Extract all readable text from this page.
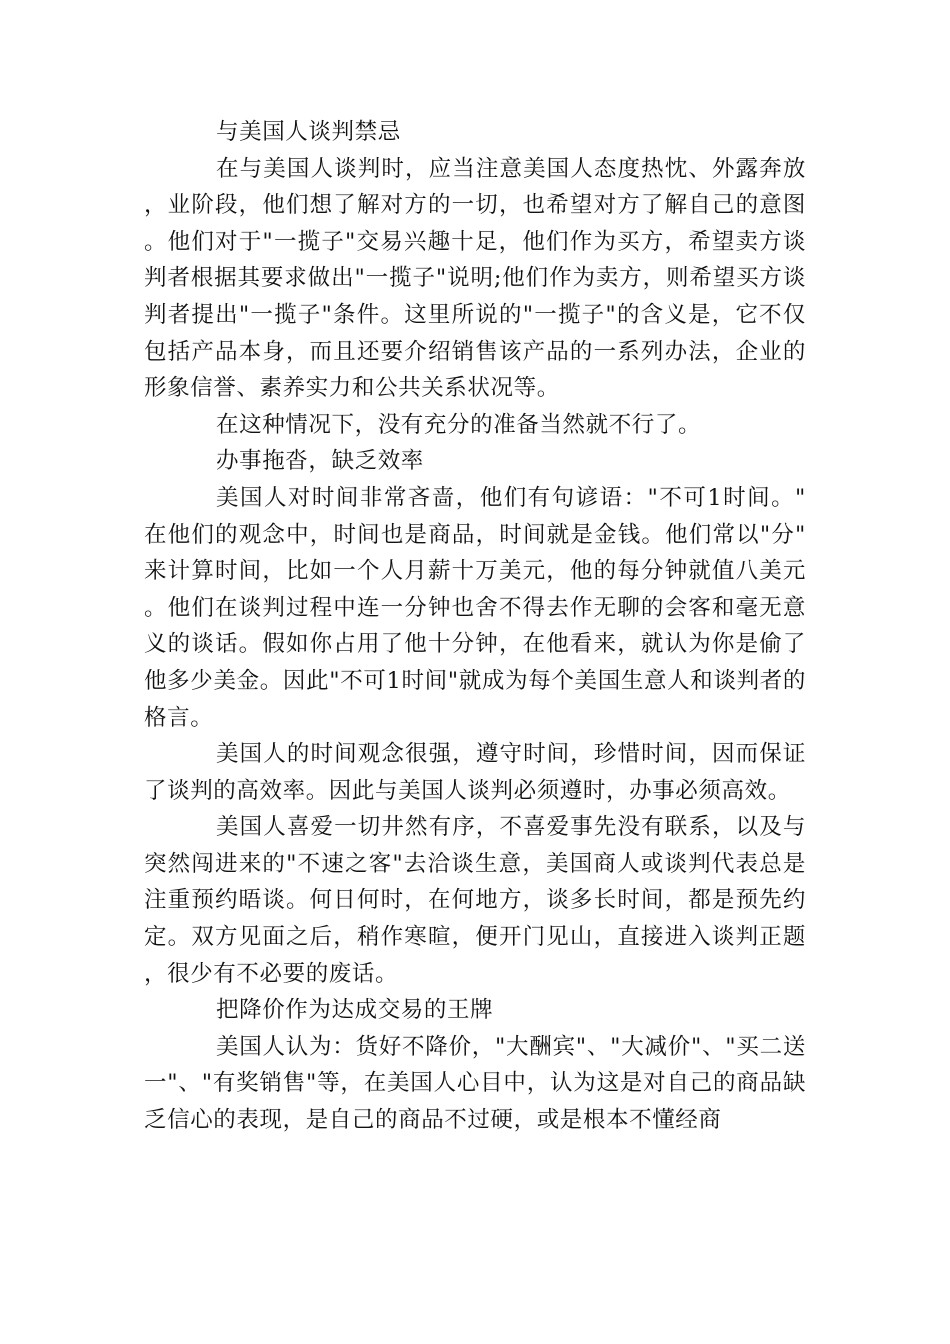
与美国人谈判禁忌

在与美国人谈判时，应当注意美国人态度热忱、外露奔放，业阶段，他们想了解对方的一切，也希望对方了解自己的意图。他们对于"一揽子"交易兴趣十足，他们作为买方，希望卖方谈判者根据其要求做出"一揽子"说明;他们作为卖方，则希望买方谈判者提出"一揽子"条件。这里所说的"一揽子"的含义是，它不仅包括产品本身，而且还要介绍销售该产品的一系列办法，企业的形象信誉、素养实力和公共关系状况等。

在这种情况下，没有充分的准备当然就不行了。

办事拖沓，缺乏效率

美国人对时间非常吝啬，他们有句谚语："不可1时间。"在他们的观念中，时间也是商品，时间就是金钱。他们常以"分"来计算时间，比如一个人月薪十万美元，他的每分钟就值八美元。他们在谈判过程中连一分钟也舍不得去作无聊的会客和毫无意义的谈话。假如你占用了他十分钟，在他看来，就认为你是偷了他多少美金。因此"不可1时间"就成为每个美国生意人和谈判者的格言。

美国人的时间观念很强，遵守时间，珍惜时间，因而保证了谈判的高效率。因此与美国人谈判必须遵时，办事必须高效。

美国人喜爱一切井然有序，不喜爱事先没有联系，以及与突然闯进来的"不速之客"去洽谈生意，美国商人或谈判代表总是注重预约晤谈。何日何时，在何地方，谈多长时间，都是预先约定。双方见面之后，稍作寒暄，便开门见山，直接进入谈判正题，很少有不必要的废话。

把降价作为达成交易的王牌

美国人认为：货好不降价，"大酬宾"、"大减价"、"买二送一"、"有奖销售"等，在美国人心目中，认为这是对自己的商品缺乏信心的表现，是自己的商品不过硬，或是根本不懂经商
